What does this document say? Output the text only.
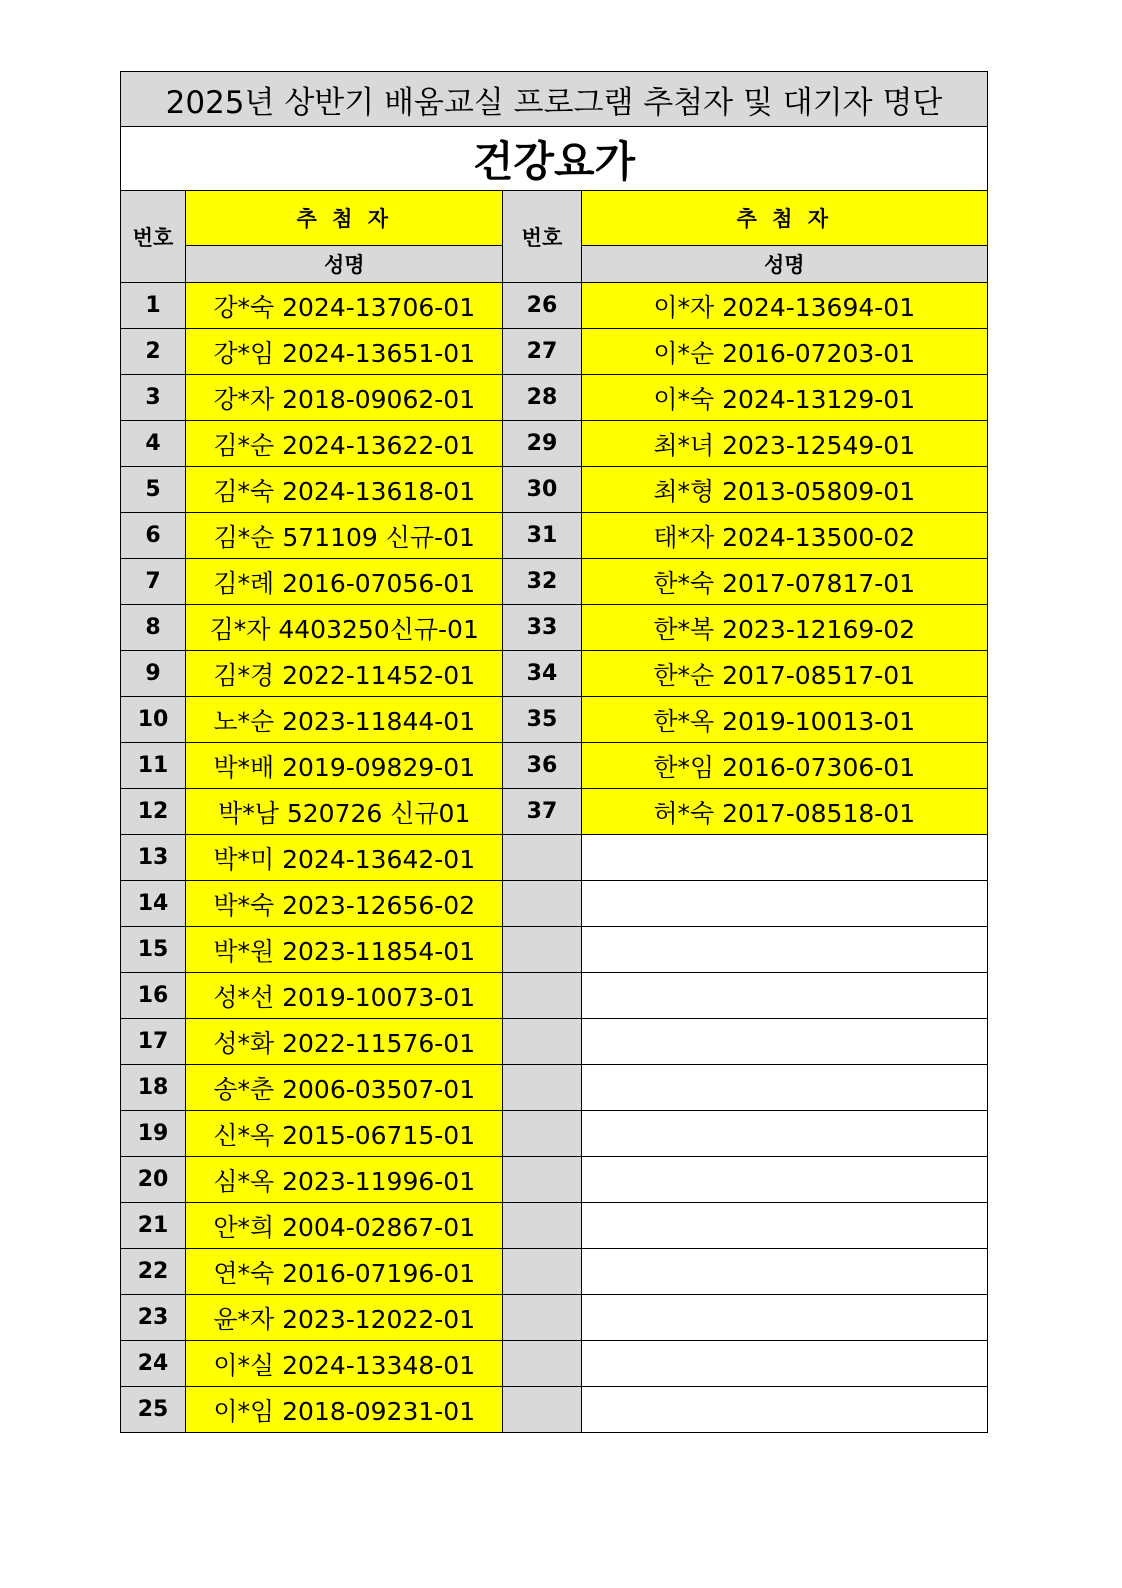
2025년 상반기 배움교실 프로그램 추첨자 및 대기자 명단
건강요가
번호	추 첨 자	번호	추 첨 자
	성명		성명
1	강*숙 2024-13706-01	26	이*자 2024-13694-01
2	강*임 2024-13651-01	27	이*순 2016-07203-01
3	강*자 2018-09062-01	28	이*숙 2024-13129-01
4	김*순 2024-13622-01	29	최*녀 2023-12549-01
5	김*숙 2024-13618-01	30	최*형 2013-05809-01
6	김*순 571109 신규-01	31	태*자 2024-13500-02
7	김*례 2016-07056-01	32	한*숙 2017-07817-01
8	김*자 4403250신규-01	33	한*복 2023-12169-02
9	김*경 2022-11452-01	34	한*순 2017-08517-01
10	노*순 2023-11844-01	35	한*옥 2019-10013-01
11	박*배 2019-09829-01	36	한*임 2016-07306-01
12	박*남 520726 신규01	37	허*숙 2017-08518-01
13	박*미 2024-13642-01		
14	박*숙 2023-12656-02		
15	박*원 2023-11854-01		
16	성*선 2019-10073-01		
17	성*화 2022-11576-01		
18	송*춘 2006-03507-01		
19	신*옥 2015-06715-01		
20	심*옥 2023-11996-01		
21	안*희 2004-02867-01		
22	연*숙 2016-07196-01		
23	윤*자 2023-12022-01		
24	이*실 2024-13348-01		
25	이*임 2018-09231-01		
